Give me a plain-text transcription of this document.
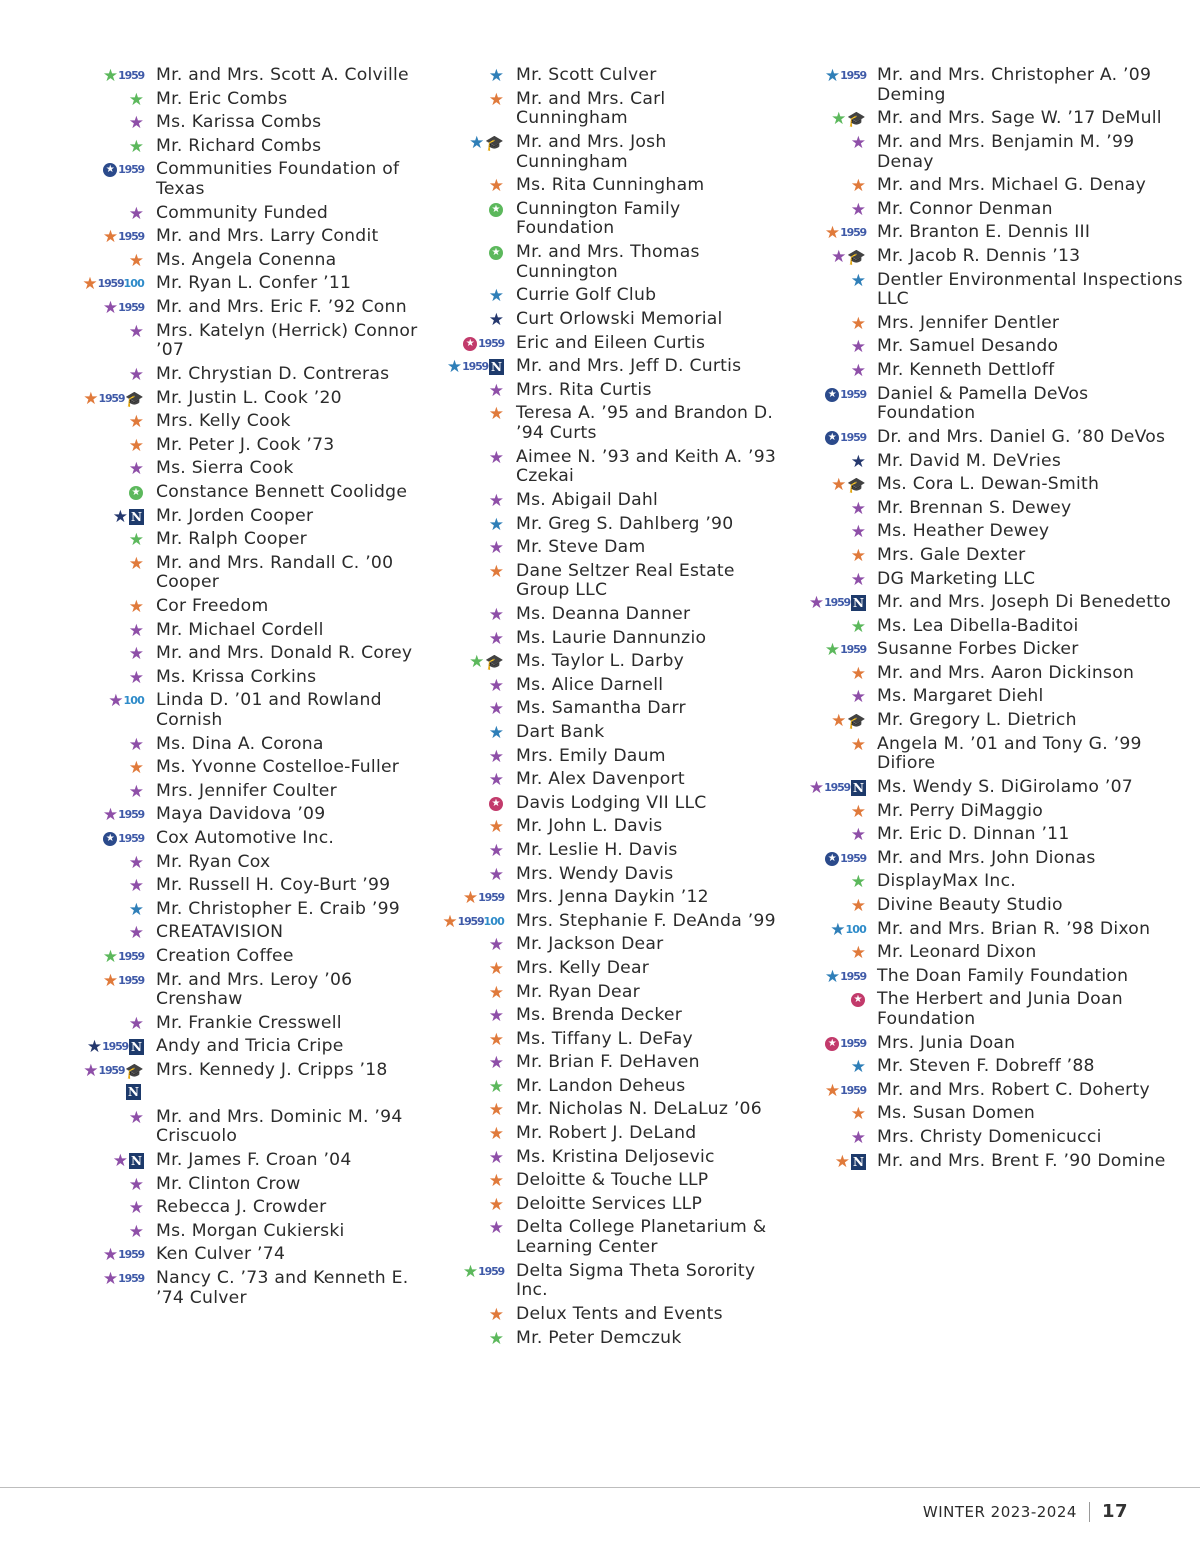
★ 1959 Mr. and Mrs. Scott A. Colville
★ Mr. Eric Combs
★ Ms. Karissa Combs
★ Mr. Richard Combs
★ 1959 Communities Foundation of Texas
★ Community Funded
★ 1959 Mr. and Mrs. Larry Condit
★ Ms. Angela Conenna
★ 1959 100 Mr. Ryan L. Confer ’11
★ 1959 Mr. and Mrs. Eric F. ’92 Conn
★ Mrs. Katelyn (Herrick) Connor ’07
★ Mr. Chrystian D. Contreras
★ 1959 🎓 Mr. Justin L. Cook ’20
★ Mrs. Kelly Cook
★ Mr. Peter J. Cook ’73
★ Ms. Sierra Cook
★ Constance Bennett Coolidge
★ N Mr. Jorden Cooper
★ Mr. Ralph Cooper
★ Mr. and Mrs. Randall C. ’00 Cooper
★ Cor Freedom
★ Mr. Michael Cordell
★ Mr. and Mrs. Donald R. Corey
★ Ms. Krissa Corkins
★ 100 Linda D. ’01 and Rowland Cornish
★ Ms. Dina A. Corona
★ Ms. Yvonne Costelloe-Fuller
★ Mrs. Jennifer Coulter
★ 1959 Maya Davidova ’09
★ 1959 Cox Automotive Inc.
★ Mr. Ryan Cox
★ Mr. Russell H. Coy-Burt ’99
★ Mr. Christopher E. Craib ’99
★ CREATAVISION
★ 1959 Creation Coffee
★ 1959 Mr. and Mrs. Leroy ’06 Crenshaw
★ Mr. Frankie Cresswell
★ 1959 N Andy and Tricia Cripe
★ 1959 🎓
N
Mrs. Kennedy J. Cripps ’18
★ Mr. and Mrs. Dominic M. ’94 Criscuolo
★ N Mr. James F. Croan ’04
★ Mr. Clinton Crow
★ Rebecca J. Crowder
★ Ms. Morgan Cukierski
★ 1959 Ken Culver ’74
★ 1959 Nancy C. ’73 and Kenneth E. ’74 Culver
★ Mr. Scott Culver
★ Mr. and Mrs. Carl Cunningham
★ 🎓 Mr. and Mrs. Josh Cunningham
★ Ms. Rita Cunningham
★ Cunnington Family Foundation
★ Mr. and Mrs. Thomas Cunnington
★ Currie Golf Club
★ Curt Orlowski Memorial
★ 1959 Eric and Eileen Curtis
★ 1959 N Mr. and Mrs. Jeff D. Curtis
★ Mrs. Rita Curtis
★ Teresa A. ’95 and Brandon D. ’94 Curts
★ Aimee N. ’93 and Keith A. ’93 Czekai
★ Ms. Abigail Dahl
★ Mr. Greg S. Dahlberg ’90
★ Mr. Steve Dam
★ Dane Seltzer Real Estate Group LLC
★ Ms. Deanna Danner
★ Ms. Laurie Dannunzio
★ 🎓 Ms. Taylor L. Darby
★ Ms. Alice Darnell
★ Ms. Samantha Darr
★ Dart Bank
★ Mrs. Emily Daum
★ Mr. Alex Davenport
★ Davis Lodging VII LLC
★ Mr. John L. Davis
★ Mr. Leslie H. Davis
★ Mrs. Wendy Davis
★ 1959 Mrs. Jenna Daykin ’12
★ 1959 100 Mrs. Stephanie F. DeAnda ’99
★ Mr. Jackson Dear
★ Mrs. Kelly Dear
★ Mr. Ryan Dear
★ Ms. Brenda Decker
★ Ms. Tiffany L. DeFay
★ Mr. Brian F. DeHaven
★ Mr. Landon Deheus
★ Mr. Nicholas N. DeLaLuz ’06
★ Mr. Robert J. DeLand
★ Ms. Kristina Deljosevic
★ Deloitte & Touche LLP
★ Deloitte Services LLP
★ Delta College Planetarium & Learning Center
★ 1959 Delta Sigma Theta Sorority Inc.
★ Delux Tents and Events
★ Mr. Peter Demczuk
★ 1959 Mr. and Mrs. Christopher A. ’09 Deming
★ 🎓 Mr. and Mrs. Sage W. ’17 DeMull
★ Mr. and Mrs. Benjamin M. ’99 Denay
★ Mr. and Mrs. Michael G. Denay
★ Mr. Connor Denman
★ 1959 Mr. Branton E. Dennis III
★ 🎓 Mr. Jacob R. Dennis ’13
★ Dentler Environmental Inspections LLC
★ Mrs. Jennifer Dentler
★ Mr. Samuel Desando
★ Mr. Kenneth Dettloff
★ 1959 Daniel & Pamella DeVos Foundation
★ 1959 Dr. and Mrs. Daniel G. ’80 DeVos
★ Mr. David M. DeVries
★ 🎓 Ms. Cora L. Dewan-Smith
★ Mr. Brennan S. Dewey
★ Ms. Heather Dewey
★ Mrs. Gale Dexter
★ DG Marketing LLC
★ 1959 N Mr. and Mrs. Joseph Di Benedetto
★ Ms. Lea Dibella-Baditoi
★ 1959 Susanne Forbes Dicker
★ Mr. and Mrs. Aaron Dickinson
★ Ms. Margaret Diehl
★ 🎓 Mr. Gregory L. Dietrich
★ Angela M. ’01 and Tony G. ’99 Difiore
★ 1959 N Ms. Wendy S. DiGirolamo ’07
★ Mr. Perry DiMaggio
★ Mr. Eric D. Dinnan ’11
★ 1959 Mr. and Mrs. John Dionas
★ DisplayMax Inc.
★ Divine Beauty Studio
★ 100 Mr. and Mrs. Brian R. ’98 Dixon
★ Mr. Leonard Dixon
★ 1959 The Doan Family Foundation
★ The Herbert and Junia Doan Foundation
★ 1959 Mrs. Junia Doan
★ Mr. Steven F. Dobreff ’88
★ 1959 Mr. and Mrs. Robert C. Doherty
★ Ms. Susan Domen
★ Mrs. Christy Domenicucci
★ N Mr. and Mrs. Brent F. ’90 Domine
WINTER 2023-2024 17
